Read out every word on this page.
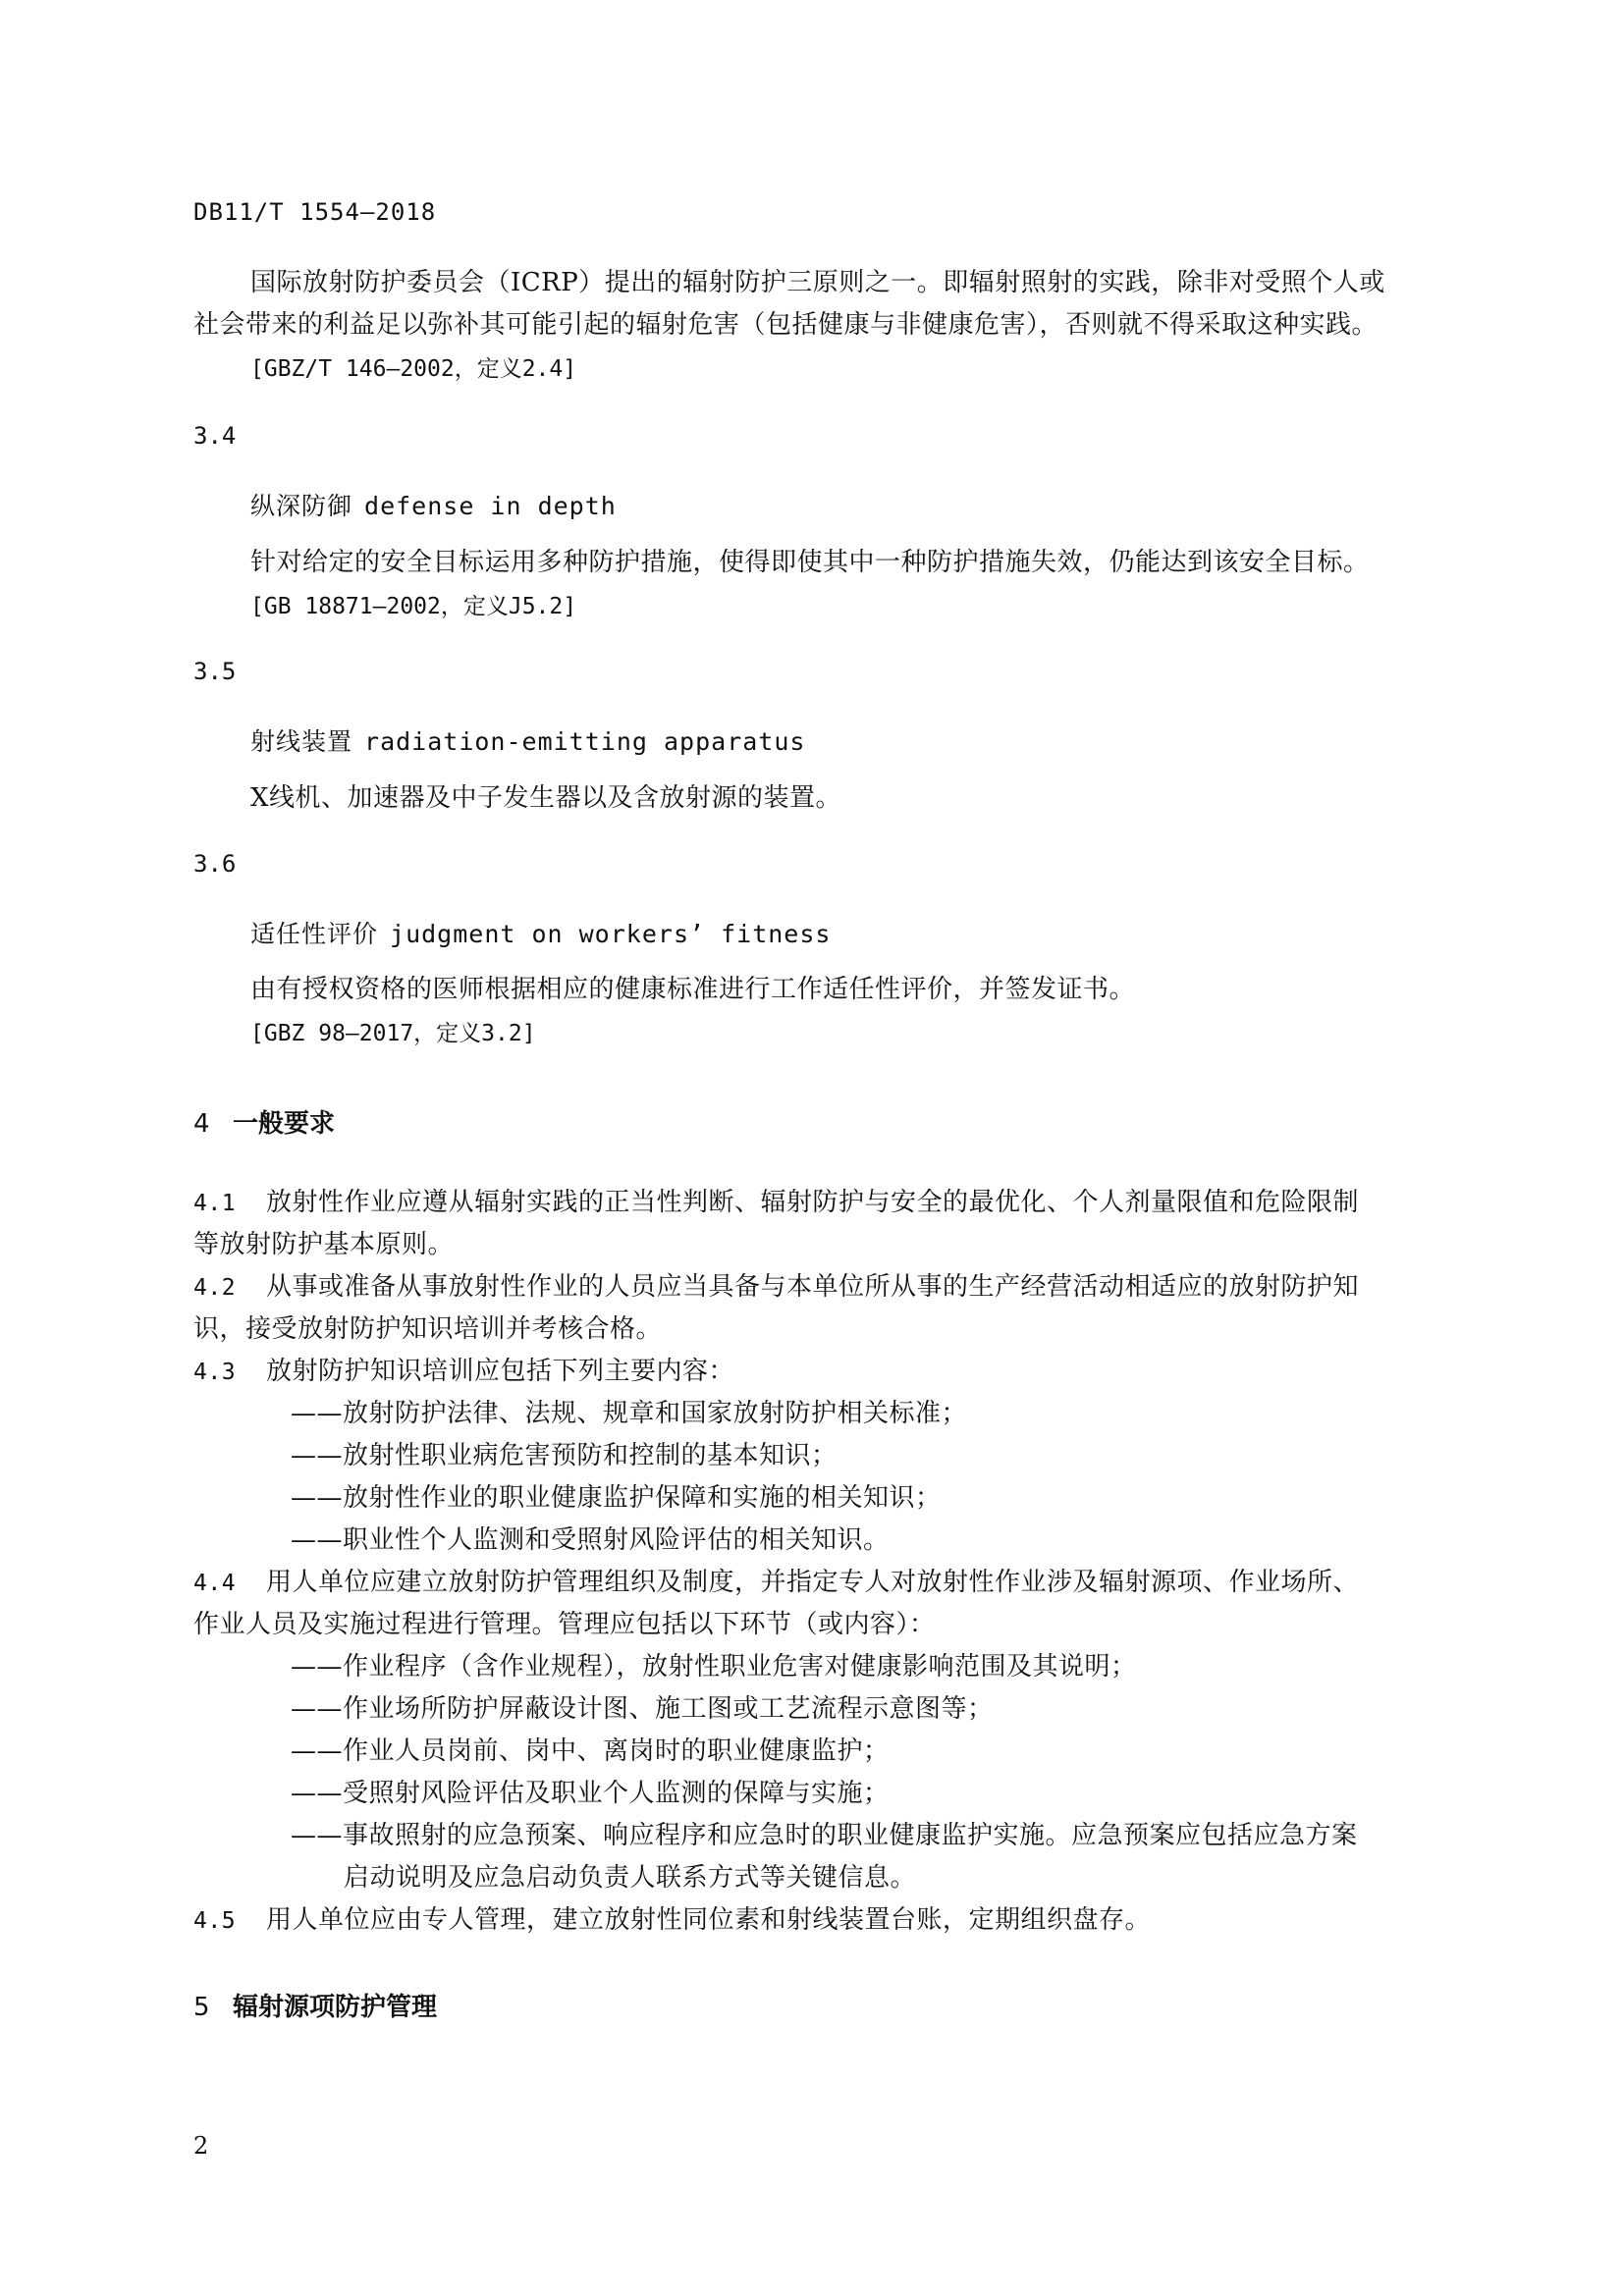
DB11/T 1554—2018
国际放射防护委员会（ICRP）提出的辐射防护三原则之一。即辐射照射的实践，除非对受照个人或
社会带来的利益足以弥补其可能引起的辐射危害（包括健康与非健康危害），否则就不得采取这种实践。
[GBZ/T 146—2002，定义2.4]
3.4
纵深防御 defense in depth
针对给定的安全目标运用多种防护措施，使得即使其中一种防护措施失效，仍能达到该安全目标。
[GB 18871—2002，定义J5.2]
3.5
射线装置 radiation-emitting apparatus
X线机、加速器及中子发生器以及含放射源的装置。
3.6
适任性评价 judgment on workers’ fitness
由有授权资格的医师根据相应的健康标准进行工作适任性评价，并签发证书。
[GBZ 98—2017，定义3.2]
4 一般要求
4.1 放射性作业应遵从辐射实践的正当性判断、辐射防护与安全的最优化、个人剂量限值和危险限制
等放射防护基本原则。
4.2 从事或准备从事放射性作业的人员应当具备与本单位所从事的生产经营活动相适应的放射防护知
识，接受放射防护知识培训并考核合格。
4.3 放射防护知识培训应包括下列主要内容：
——放射防护法律、法规、规章和国家放射防护相关标准；
——放射性职业病危害预防和控制的基本知识；
——放射性作业的职业健康监护保障和实施的相关知识；
——职业性个人监测和受照射风险评估的相关知识。
4.4 用人单位应建立放射防护管理组织及制度，并指定专人对放射性作业涉及辐射源项、作业场所、
作业人员及实施过程进行管理。管理应包括以下环节（或内容）：
——作业程序（含作业规程），放射性职业危害对健康影响范围及其说明；
——作业场所防护屏蔽设计图、施工图或工艺流程示意图等；
——作业人员岗前、岗中、离岗时的职业健康监护；
——受照射风险评估及职业个人监测的保障与实施；
——事故照射的应急预案、响应程序和应急时的职业健康监护实施。应急预案应包括应急方案
启动说明及应急启动负责人联系方式等关键信息。
4.5 用人单位应由专人管理，建立放射性同位素和射线装置台账，定期组织盘存。
5 辐射源项防护管理
2
